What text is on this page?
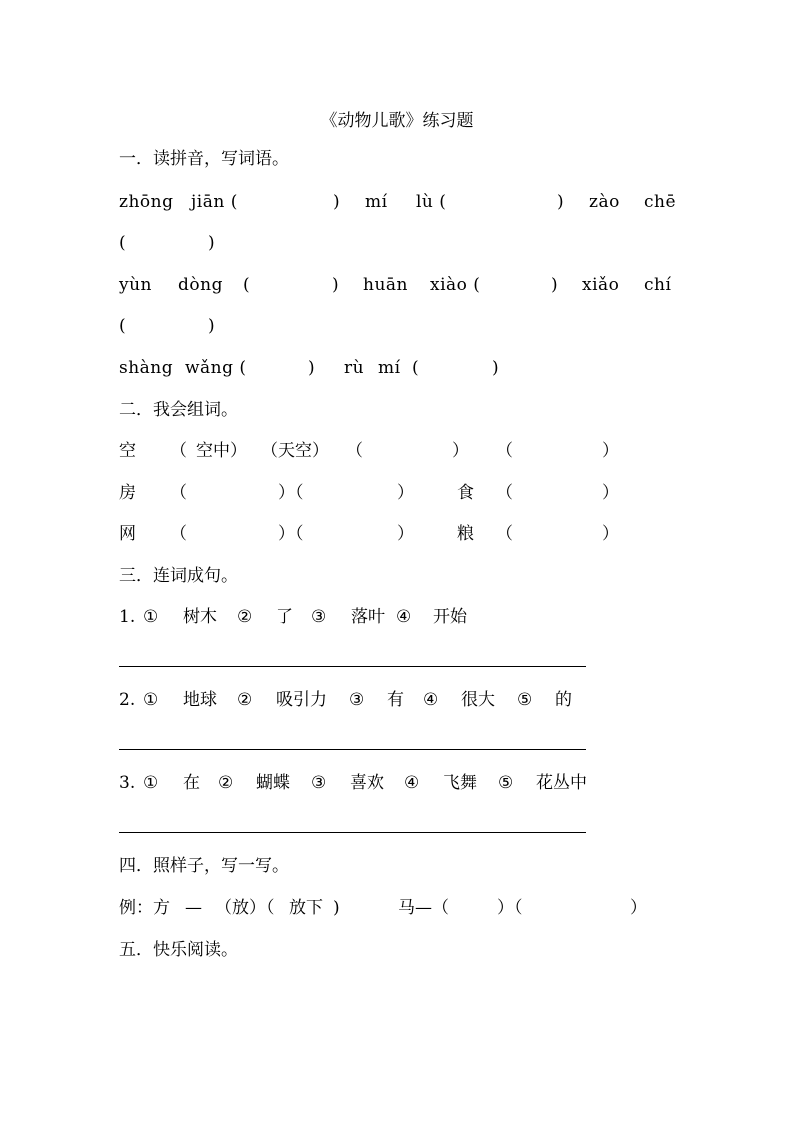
《动物儿歌》练习题
一．读拼音，写词语。
zhōng jiān (	) mí lù (	) zào chē
(	)
yùn dòng (	) huān xiào (	) xiǎo chí
(	)
shàng wǎng (	) rù mí (	)
二．我会组词。
空 （ 空中） （天空） （	） （	）
房 （	）（	）	食 （	）
网 （	）（	）	粮 （	）
三．连词成句。
1. ① 树木 ② 了 ③ 落叶 ④ 开始
2. ① 地球 ② 吸引力 ③ 有 ④ 很大 ⑤ 的
3. ① 在 ② 蝴蝶 ③ 喜欢 ④ 飞舞 ⑤ 花丛中
四．照样子，写一写。
例：方 — （放）（ 放下 )	马—（	）（	）
五．快乐阅读。
